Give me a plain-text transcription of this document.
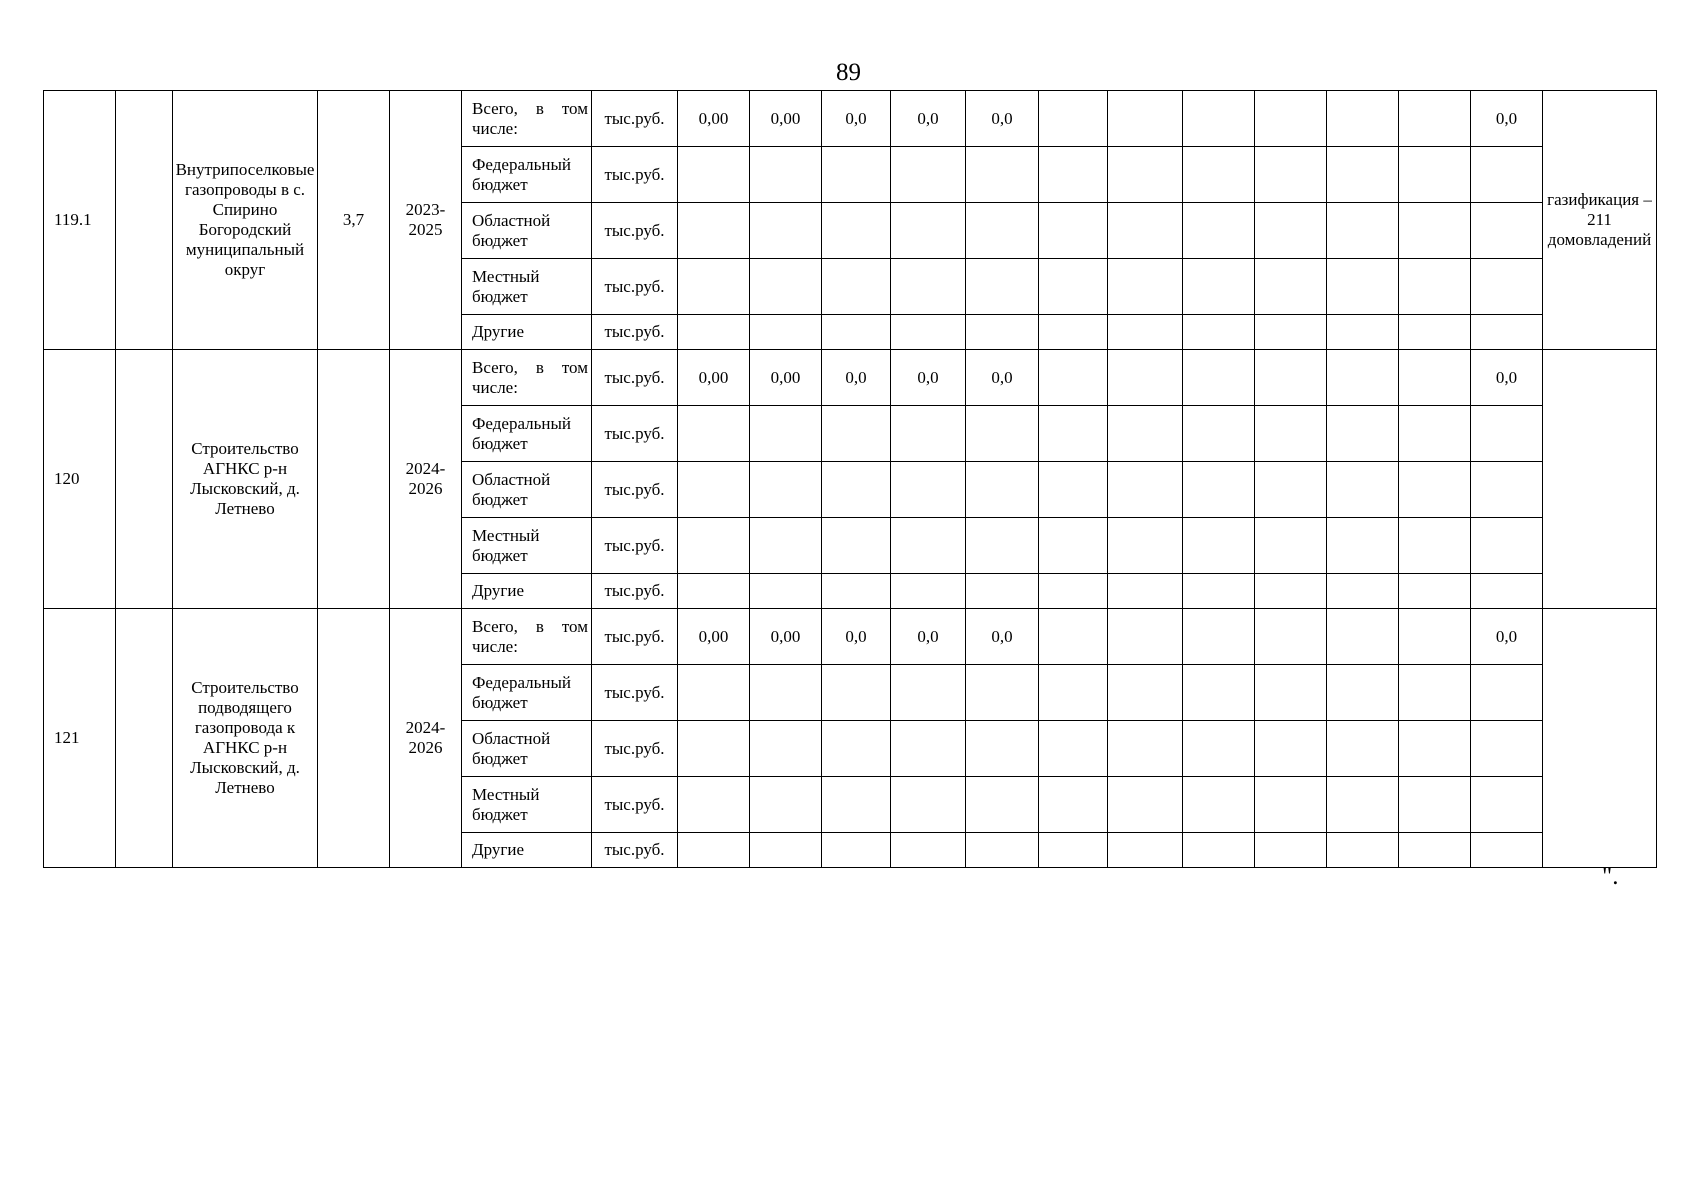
89
119.1		Внутрипоселковые газопроводы в с. Спирино Богородский муниципальный округ	3,7	2023-2025	Всего, в том
числе:	тыс.руб.	0,00	0,00	0,0	0,0	0,0							0,0	газификация – 211 домовладений

					Федеральный
бюджет	тыс.руб.													

					Областной
бюджет	тыс.руб.													

					Местный
бюджет	тыс.руб.													

					Другие	тыс.руб.													
120		Строительство АГНКС р-н Лысковский, д. Летнево		2024-2026	Всего, в том
числе:	тыс.руб.	0,00	0,00	0,0	0,0	0,0							0,0	

					Федеральный
бюджет	тыс.руб.													

					Областной
бюджет	тыс.руб.													

					Местный
бюджет	тыс.руб.													

					Другие	тыс.руб.													
121		Строительство подводящего газопровода к АГНКС р-н Лысковский, д. Летнево		2024-2026	Всего, в том
числе:	тыс.руб.	0,00	0,00	0,0	0,0	0,0							0,0	

					Федеральный
бюджет	тыс.руб.													

					Областной
бюджет	тыс.руб.													

					Местный
бюджет	тыс.руб.													

					Другие	тыс.руб.													
".
